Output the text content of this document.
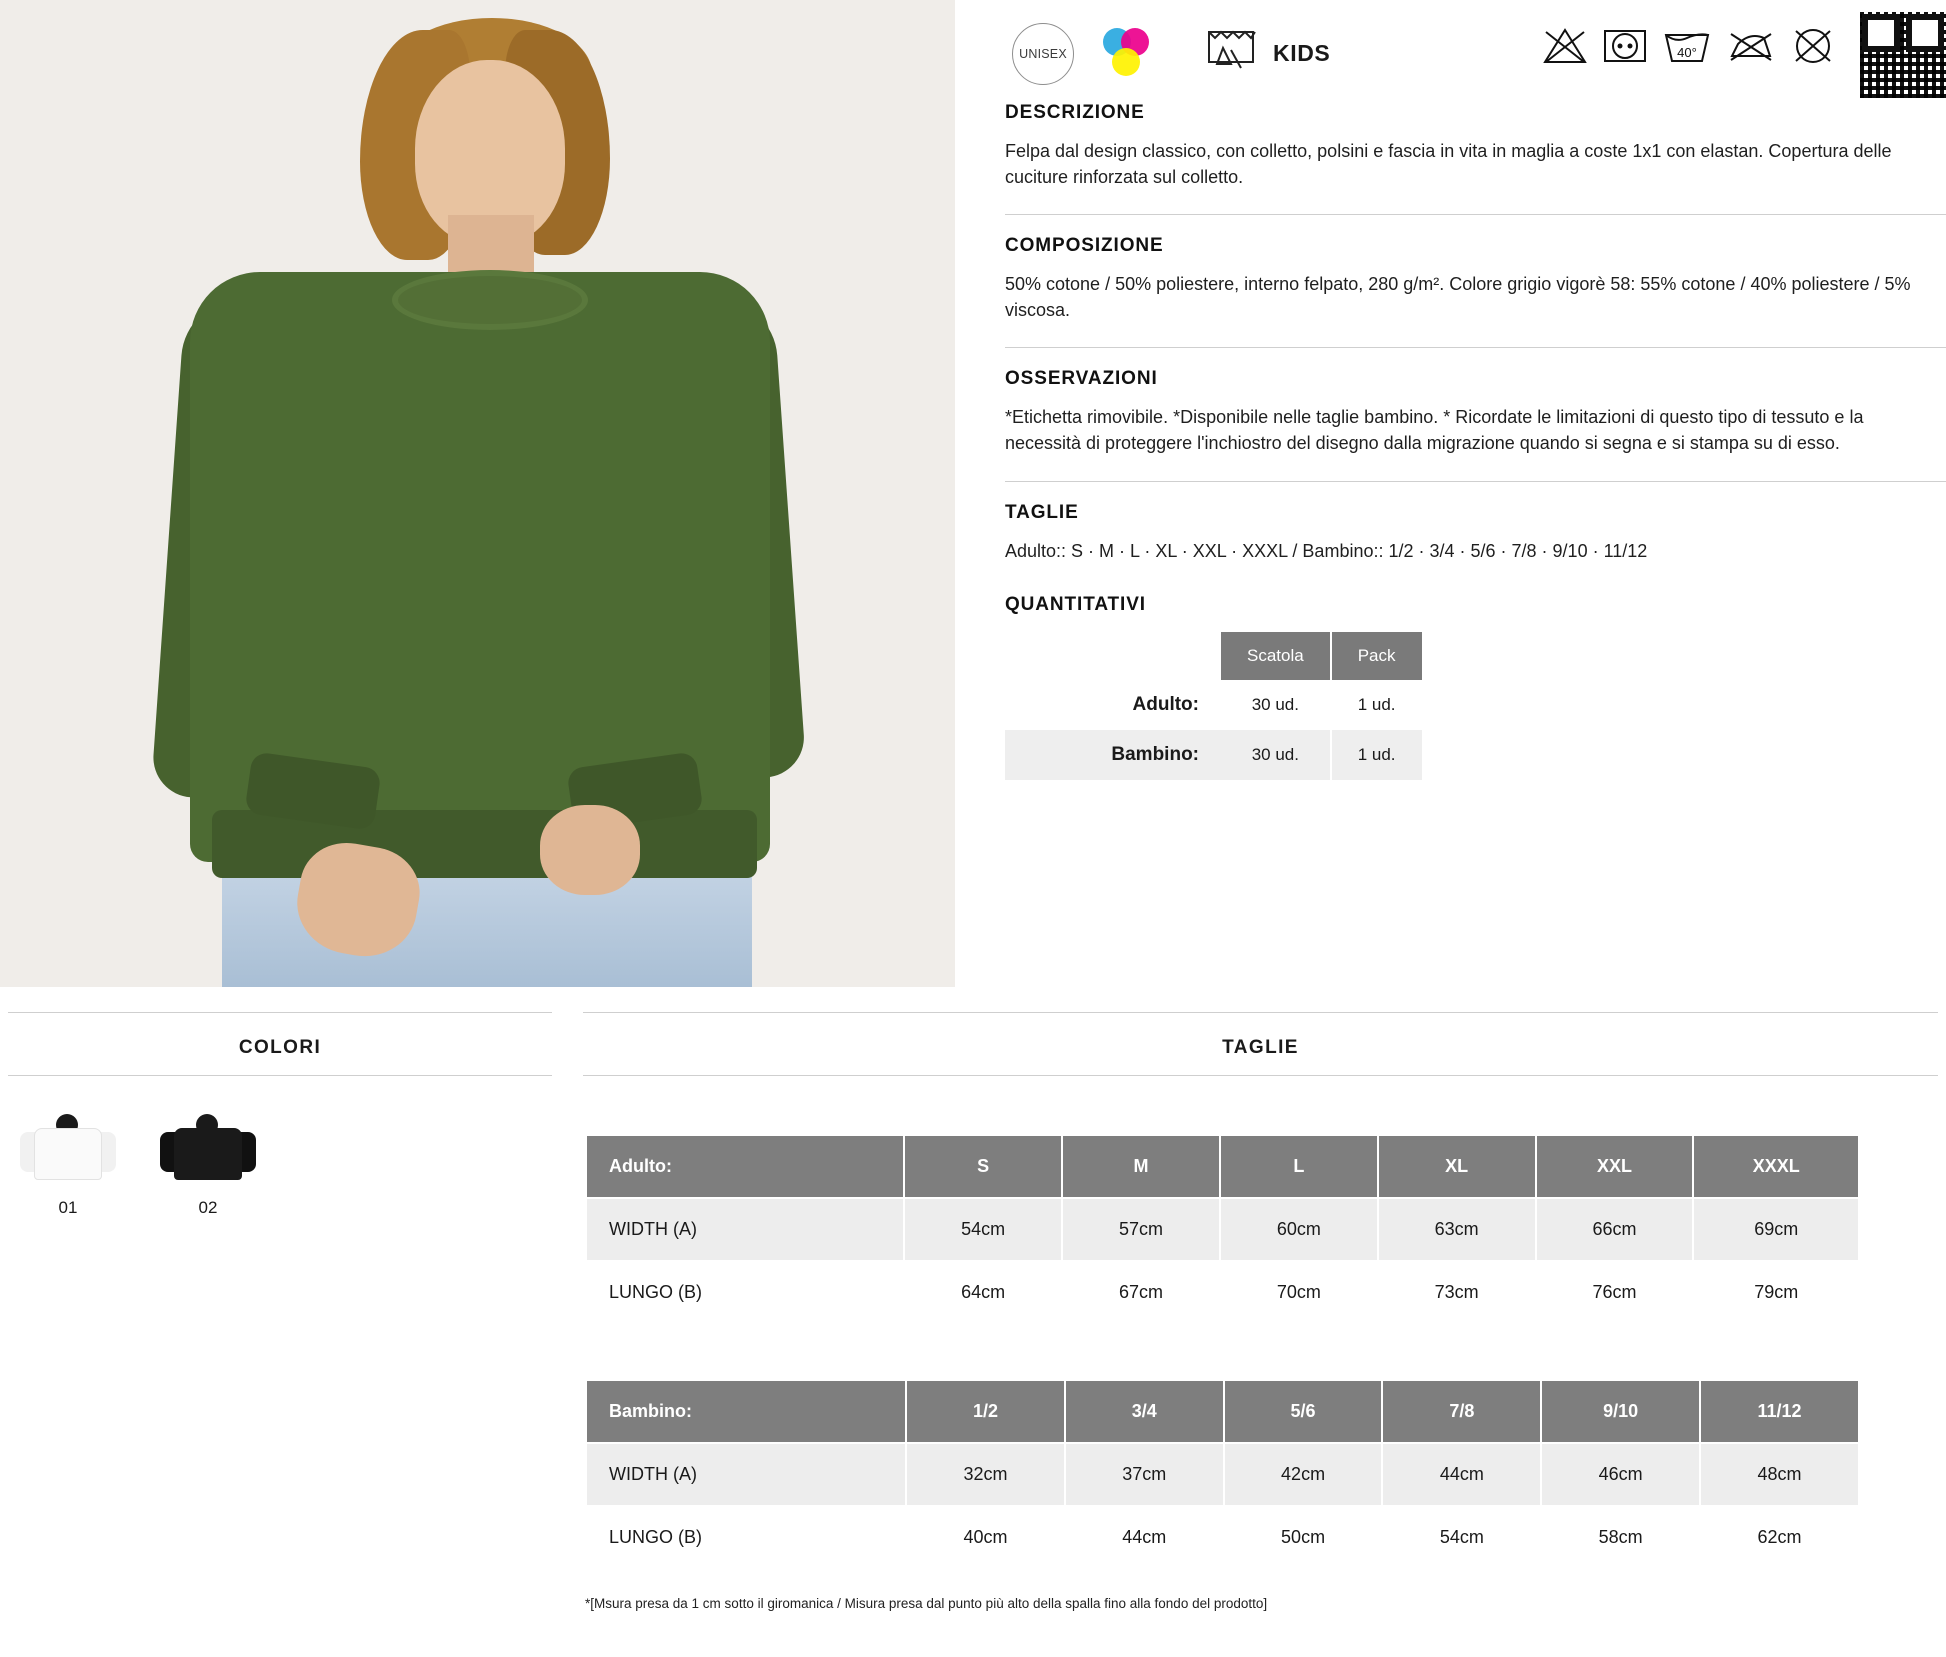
UNISEX	KIDS	40°
DESCRIZIONE

Felpa dal design classico, con colletto, polsini e fascia in vita in maglia a coste 1x1 con elastan. Copertura delle cuciture rinforzata sul colletto.

COMPOSIZIONE

50% cotone / 50% poliestere, interno felpato, 280 g/m². Colore grigio vigorè 58: 55% cotone / 40% poliestere / 5% viscosa.

OSSERVAZIONI

*Etichetta rimovibile. *Disponibile nelle taglie bambino. * Ricordate le limitazioni di questo tipo di tessuto e la necessità di proteggere l'inchiostro del disegno dalla migrazione quando si segna e si stampa su di esso.

TAGLIE

Adulto:: S · M · L · XL · XXL · XXXL / Bambino:: 1/2 · 3/4 · 5/6 · 7/8 · 9/10 · 11/12

QUANTITATIVI
	Scatola	Pack
Adulto:	30 ud.	1 ud.
Bambino:	30 ud.	1 ud.
COLORI
01	02
TAGLIE
Adulto:	S	M	L	XL	XXL	XXXL
WIDTH (A)	54cm	57cm	60cm	63cm	66cm	69cm
LUNGO (B)	64cm	67cm	70cm	73cm	76cm	79cm
Bambino:	1/2	3/4	5/6	7/8	9/10	11/12
WIDTH (A)	32cm	37cm	42cm	44cm	46cm	48cm
LUNGO (B)	40cm	44cm	50cm	54cm	58cm	62cm
*[Msura presa da 1 cm sotto il giromanica / Misura presa dal punto più alto della spalla fino alla fondo del prodotto]
